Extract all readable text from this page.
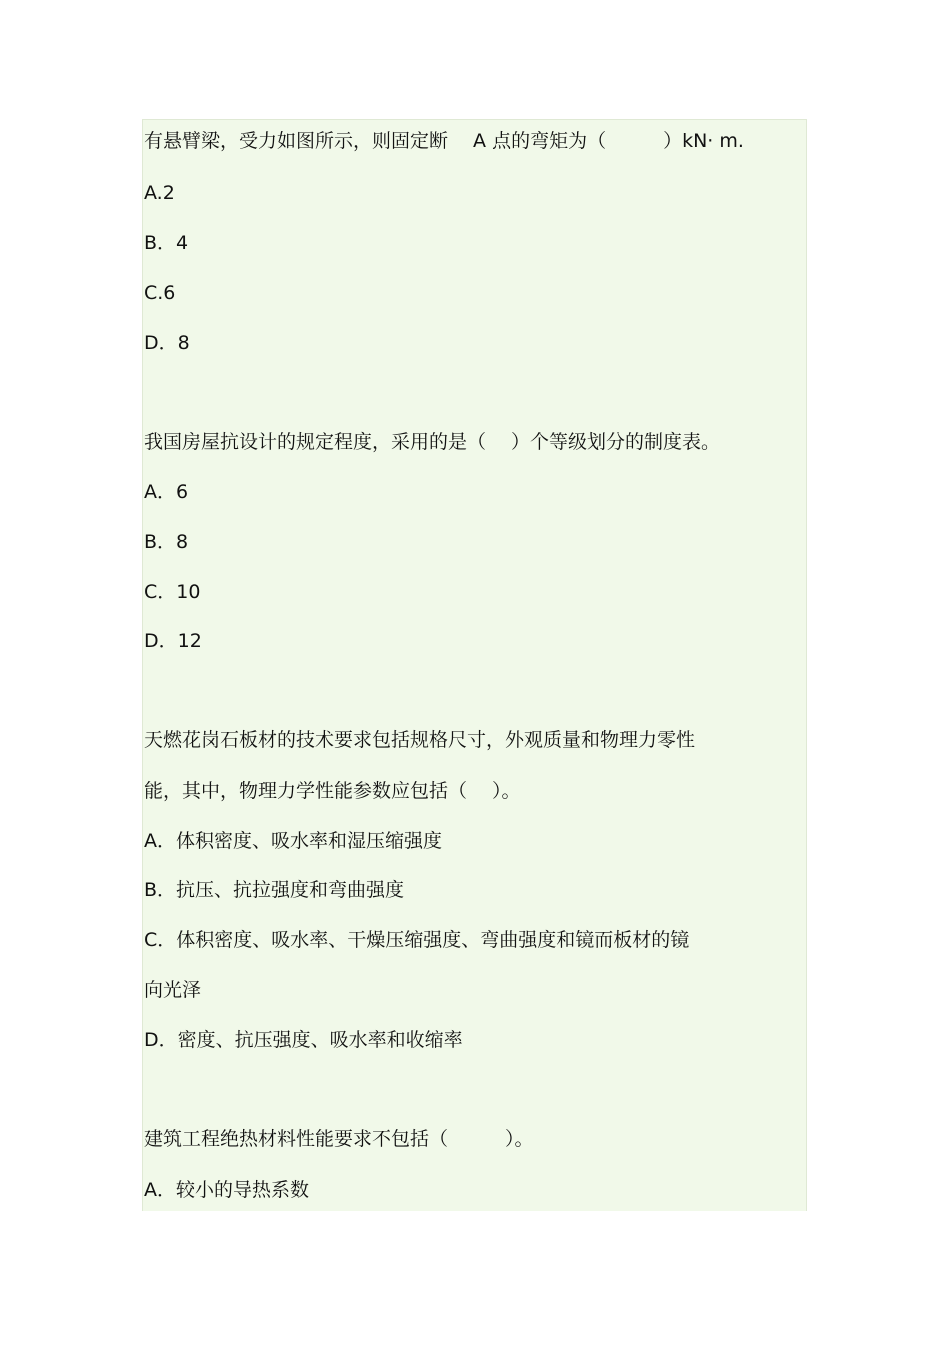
有悬臂梁，受力如图所示，则固定断　 A 点的弯矩为（　　　）kN· m.
A.2
B．4
C.6
D．8
我国房屋抗设计的规定程度，采用的是（　 ）个等级划分的制度表。
A．6
B．8
C．10
D．12
天燃花岗石板材的技术要求包括规格尺寸，外观质量和物理力零性
能，其中，物理力学性能参数应包括（　 ）。
A．体积密度、吸水率和湿压缩强度
B．抗压、抗拉强度和弯曲强度
C．体积密度、吸水率、干燥压缩强度、弯曲强度和镜而板材的镜
向光泽
D．密度、抗压强度、吸水率和收缩率
建筑工程绝热材料性能要求不包括（　　　）。
A．较小的导热系数
